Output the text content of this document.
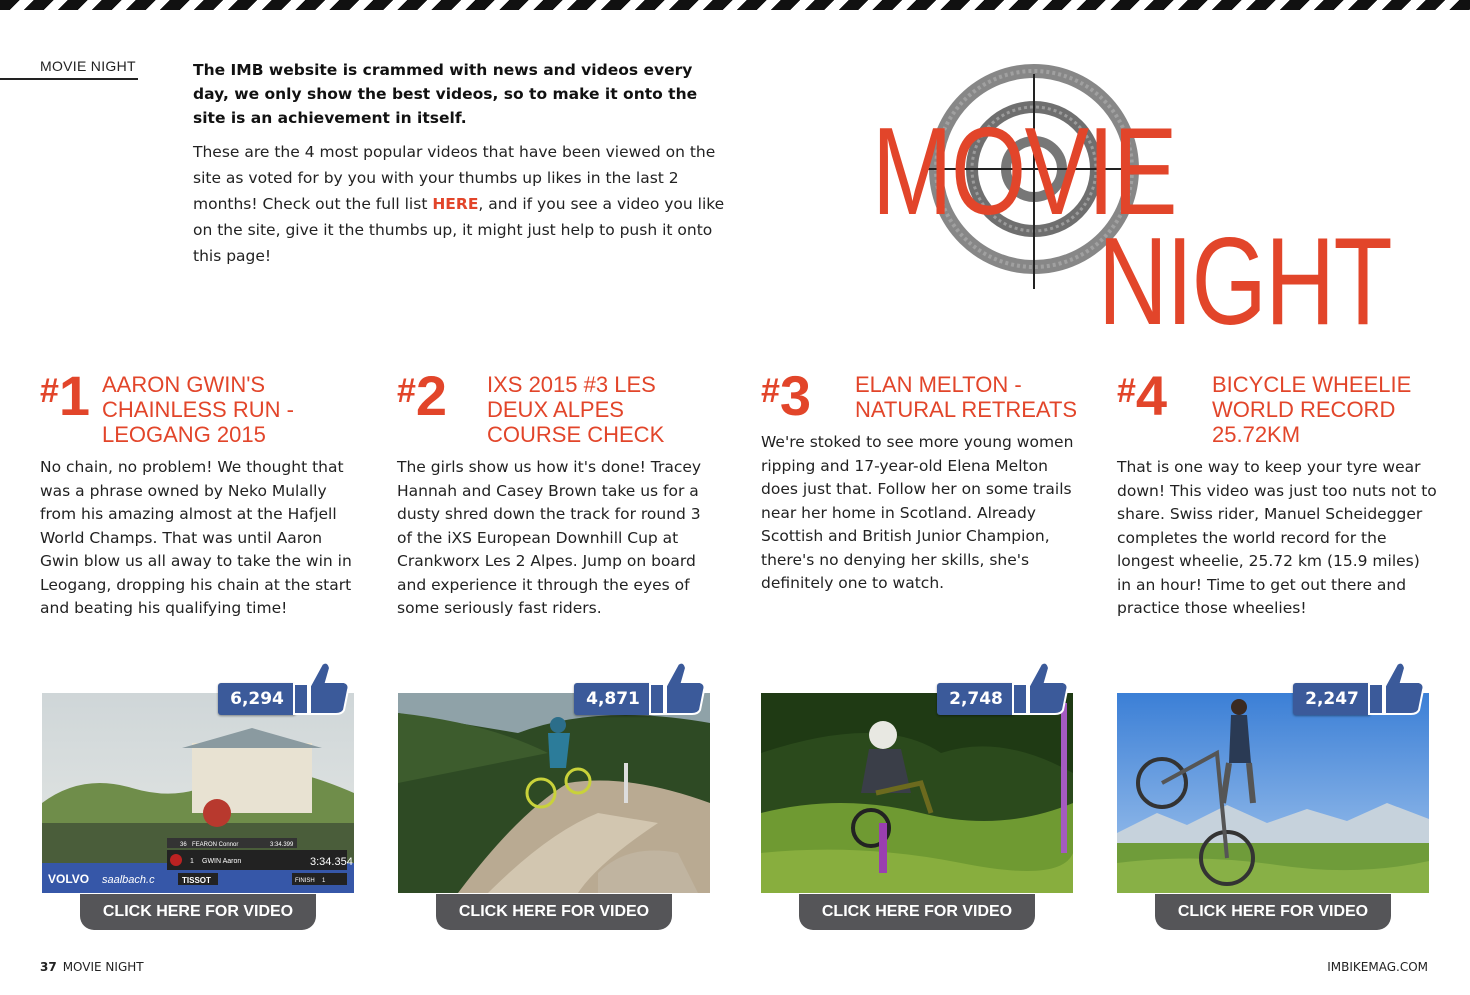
MOVIE NIGHT	The IMB website is crammed with news and videos every day, we only show the best videos, so to make it onto the site is an achievement in itself.

These are the 4 most popular videos that have been viewed on the site as voted for by you with your thumbs up likes in the last 2 months! Check out the full list HERE, and if you see a video you like on the site, give it the thumbs up, it might just help to push it onto this page!

MOVIE
NIGHT
#1 AARON GWIN'S CHAINLESS RUN - LEOGANG 2015

No chain, no problem! We thought that was a phrase owned by Neko Mulally from his amazing almost at the Hafjell World Champs. That was until Aaron Gwin blow us all away to take the win in Leogang, dropping his chain at the start and beating his qualifying time!

#2 IXS 2015 #3 LES DEUX ALPES COURSE CHECK

The girls show us how it's done! Tracey Hannah and Casey Brown take us for a dusty shred down the track for round 3 of the iXS European Downhill Cup at Crankworx Les 2 Alpes. Jump on board and experience it through the eyes of some seriously fast riders.

#3 ELAN MELTON - NATURAL RETREATS

We're stoked to see more young women ripping and 17-year-old Elena Melton does just that. Follow her on some trails near her home in Scotland. Already Scottish and British Junior Champion, there's no denying her skills, she's definitely one to watch.

#4 BICYCLE WHEELIE WORLD RECORD 25.72KM

That is one way to keep your tyre wear down! This video was just too nuts not to share. Swiss rider, Manuel Scheidegger completes the world record for the longest wheelie, 25.72 km (15.9 miles) in an hour! Time to get out there and practice those wheelies!

36 FEARON Connor	3:34.399
1 GWIN Aaron	3:34.354
VOLVO saalbach.c	TISSOT	FINISH 1
6,294
CLICK HERE FOR VIDEO
4,871
CLICK HERE FOR VIDEO
2,748
CLICK HERE FOR VIDEO
2,247
CLICK HERE FOR VIDEO
37 MOVIE NIGHT	IMBIKEMAG.COM
